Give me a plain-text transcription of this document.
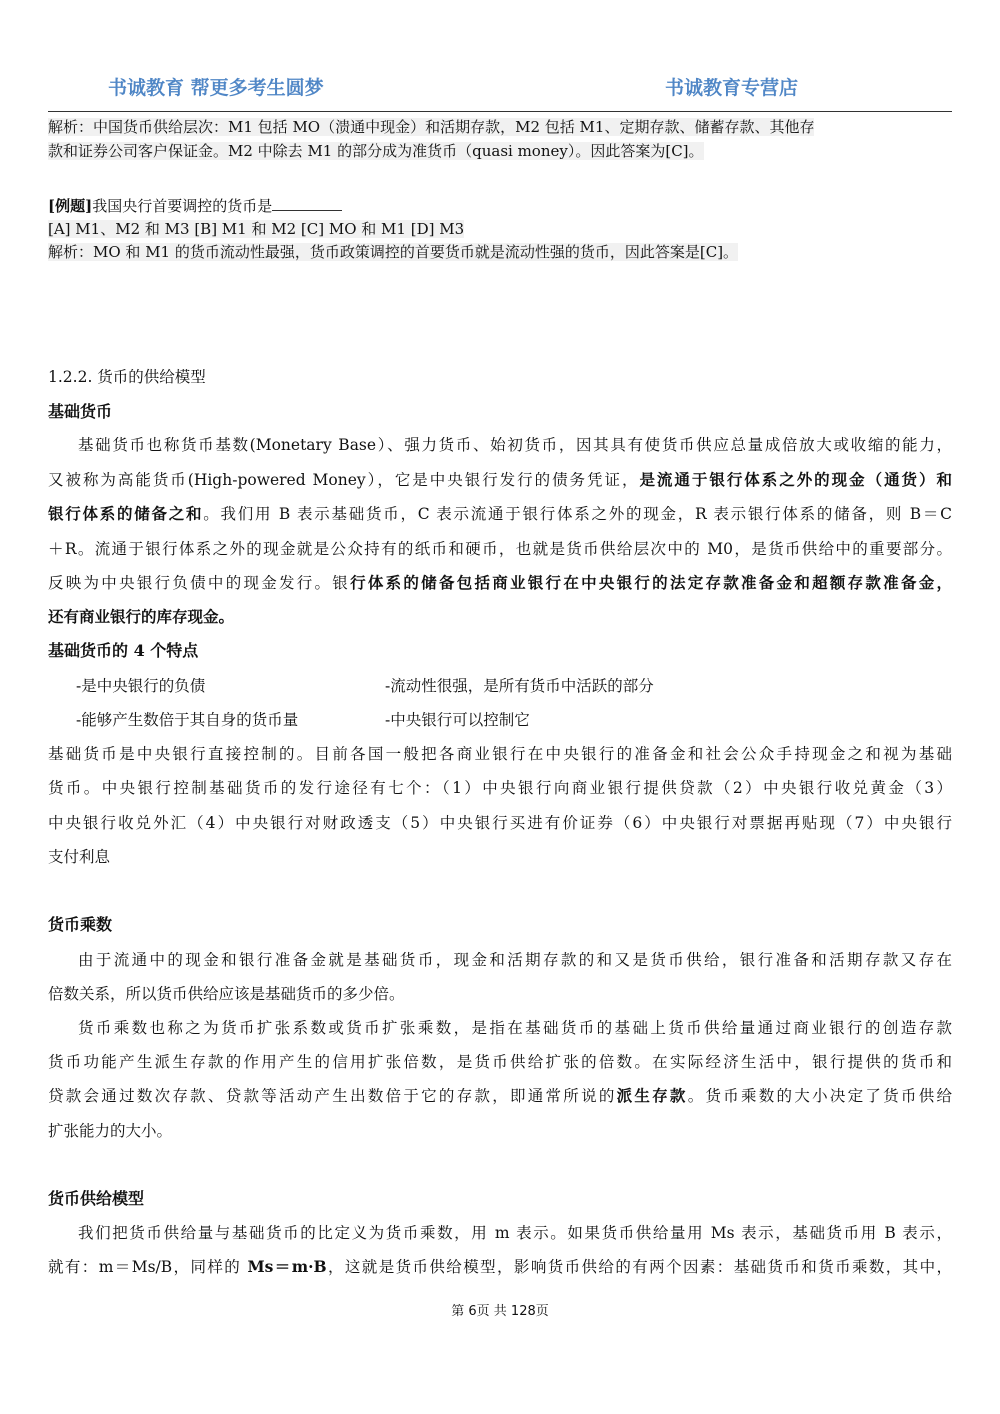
书诚教育 帮更多考生圆梦	书诚教育专营店
解析：中国货币供给层次：M1 包括 MO（溃通中现金）和活期存款，M2 包括 M1、定期存款、储蓄存款、其他存
款和证券公司客户保证金。M2 中除去 M1 的部分成为准货币（quasi money）。因此答案为[C]。
[例题]我国央行首要调控的货币是
[A] M1、M2 和 M3 [B] M1 和 M2 [C] MO 和 M1 [D] M3
解析：MO 和 M1 的货币流动性最强，货币政策调控的首要货币就是流动性强的货币，因此答案是[C]。
1.2.2. 货币的供给模型
基础货币
基础货币也称货币基数(Monetary Base）、强力货币、始初货币，因其具有使货币供应总量成倍放大或收缩的能力，
又被称为高能货币(High-powered Money），它是中央银行发行的债务凭证，是流通于银行体系之外的现金（通货）和
银行体系的储备之和。我们用 B 表示基础货币，C 表示流通于银行体系之外的现金，R 表示银行体系的储备，则 B＝C
＋R。流通于银行体系之外的现金就是公众持有的纸币和硬币，也就是货币供给层次中的 M0，是货币供给中的重要部分。
反映为中央银行负债中的现金发行。银行体系的储备包括商业银行在中央银行的法定存款准备金和超额存款准备金，
还有商业银行的库存现金。
基础货币的 4 个特点
-是中央银行的负债	-流动性很强，是所有货币中活跃的部分
-能够产生数倍于其自身的货币量	-中央银行可以控制它
基础货币是中央银行直接控制的。目前各国一般把各商业银行在中央银行的准备金和社会公众手持现金之和视为基础
货币。中央银行控制基础货币的发行途径有七个：（1）中央银行向商业银行提供贷款（2）中央银行收兑黄金（3）
中央银行收兑外汇（4）中央银行对财政透支（5）中央银行买进有价证券（6）中央银行对票据再贴现（7）中央银行
支付利息
货币乘数
由于流通中的现金和银行准备金就是基础货币，现金和活期存款的和又是货币供给，银行准备和活期存款又存在
倍数关系，所以货币供给应该是基础货币的多少倍。
货币乘数也称之为货币扩张系数或货币扩张乘数，是指在基础货币的基础上货币供给量通过商业银行的创造存款
货币功能产生派生存款的作用产生的信用扩张倍数，是货币供给扩张的倍数。在实际经济生活中，银行提供的货币和
贷款会通过数次存款、贷款等活动产生出数倍于它的存款，即通常所说的派生存款。货币乘数的大小决定了货币供给
扩张能力的大小。
货币供给模型
我们把货币供给量与基础货币的比定义为货币乘数，用 m 表示。如果货币供给量用 Ms 表示，基础货币用 B 表示，
就有：m＝Ms/B，同样的 Ms＝m·B，这就是货币供给模型，影响货币供给的有两个因素：基础货币和货币乘数，其中，
第 6页 共 128页
